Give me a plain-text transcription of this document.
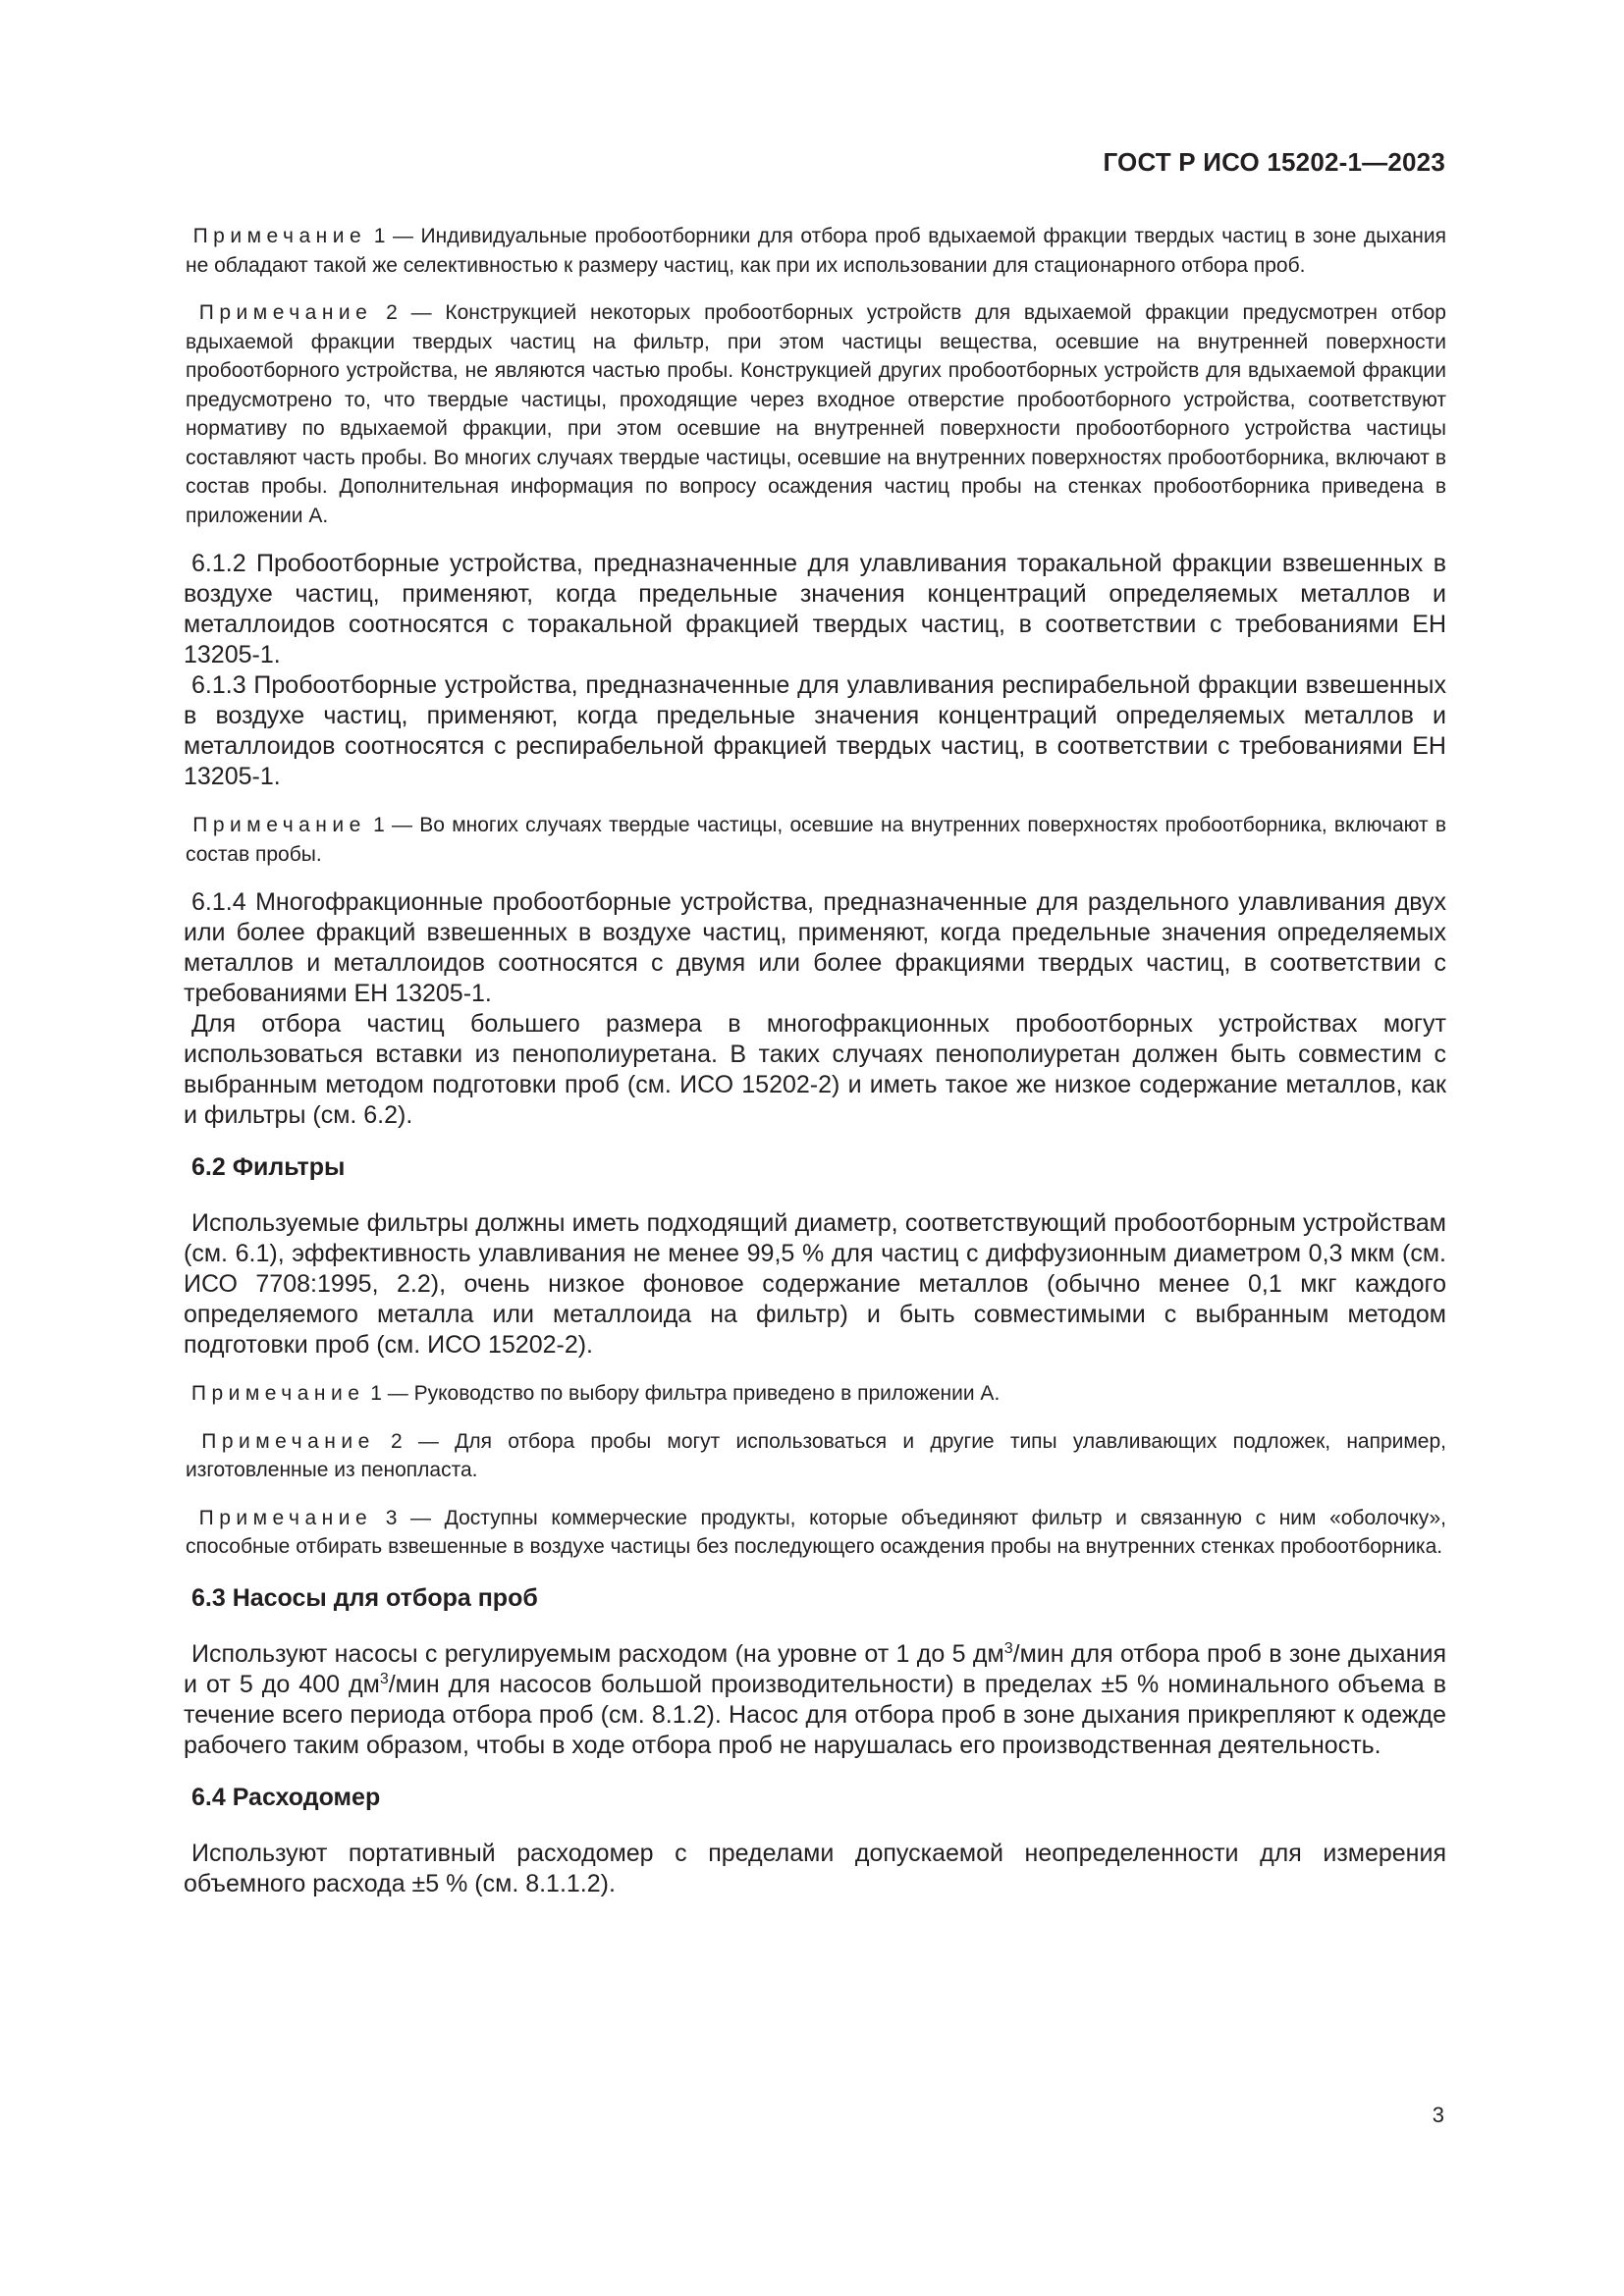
ГОСТ Р ИСО 15202-1—2023

Примечание 1 — Индивидуальные пробоотборники для отбора проб вдыхаемой фракции твердых частиц в зоне дыхания не обладают такой же селективностью к размеру частиц, как при их использовании для стационарного отбора проб.

Примечание 2 — Конструкцией некоторых пробоотборных устройств для вдыхаемой фракции предусмотрен отбор вдыхаемой фракции твердых частиц на фильтр, при этом частицы вещества, осевшие на внутренней поверхности пробоотборного устройства, не являются частью пробы. Конструкцией других пробоотборных устройств для вдыхаемой фракции предусмотрено то, что твердые частицы, проходящие через входное отверстие пробоотборного устройства, соответствуют нормативу по вдыхаемой фракции, при этом осевшие на внутренней поверхности пробоотборного устройства частицы составляют часть пробы. Во многих случаях твердые частицы, осевшие на внутренних поверхностях пробоотборника, включают в состав пробы. Дополнительная информация по вопросу осаждения частиц пробы на стенках пробоотборника приведена в приложении А.

6.1.2 Пробоотборные устройства, предназначенные для улавливания торакальной фракции взвешенных в воздухе частиц, применяют, когда предельные значения концентраций определяемых металлов и металлоидов соотносятся с торакальной фракцией твердых частиц, в соответствии с требованиями ЕН 13205-1.

6.1.3 Пробоотборные устройства, предназначенные для улавливания респирабельной фракции взвешенных в воздухе частиц, применяют, когда предельные значения концентраций определяемых металлов и металлоидов соотносятся с респирабельной фракцией твердых частиц, в соответствии с требованиями ЕН 13205-1.

Примечание 1 — Во многих случаях твердые частицы, осевшие на внутренних поверхностях пробоотборника, включают в состав пробы.

6.1.4 Многофракционные пробоотборные устройства, предназначенные для раздельного улавливания двух или более фракций взвешенных в воздухе частиц, применяют, когда предельные значения определяемых металлов и металлоидов соотносятся с двумя или более фракциями твердых частиц, в соответствии с требованиями ЕН 13205-1.

Для отбора частиц большего размера в многофракционных пробоотборных устройствах могут использоваться вставки из пенополиуретана. В таких случаях пенополиуретан должен быть совместим с выбранным методом подготовки проб (см. ИСО 15202-2) и иметь такое же низкое содержание металлов, как и фильтры (см. 6.2).

6.2 Фильтры

Используемые фильтры должны иметь подходящий диаметр, соответствующий пробоотборным устройствам (см. 6.1), эффективность улавливания не менее 99,5 % для частиц с диффузионным диаметром 0,3 мкм (см. ИСО 7708:1995, 2.2), очень низкое фоновое содержание металлов (обычно менее 0,1 мкг каждого определяемого металла или металлоида на фильтр) и быть совместимыми с выбранным методом подготовки проб (см. ИСО 15202-2).

Примечание 1 — Руководство по выбору фильтра приведено в приложении А.

Примечание 2 — Для отбора пробы могут использоваться и другие типы улавливающих подложек, например, изготовленные из пенопласта.

Примечание 3 — Доступны коммерческие продукты, которые объединяют фильтр и связанную с ним «оболочку», способные отбирать взвешенные в воздухе частицы без последующего осаждения пробы на внутренних стенках пробоотборника.

6.3 Насосы для отбора проб

Используют насосы с регулируемым расходом (на уровне от 1 до 5 $дм^3$/мин для отбора проб в зоне дыхания и от 5 до 400 $дм^3$/мин для насосов большой производительности) в пределах ±5 % номинального объема в течение всего периода отбора проб (см. 8.1.2). Насос для отбора проб в зоне дыхания прикрепляют к одежде рабочего таким образом, чтобы в ходе отбора проб не нарушалась его производственная деятельность.

6.4 Расходомер

Используют портативный расходомер с пределами допускаемой неопределенности для измерения объемного расхода ±5 % (см. 8.1.1.2).

3
